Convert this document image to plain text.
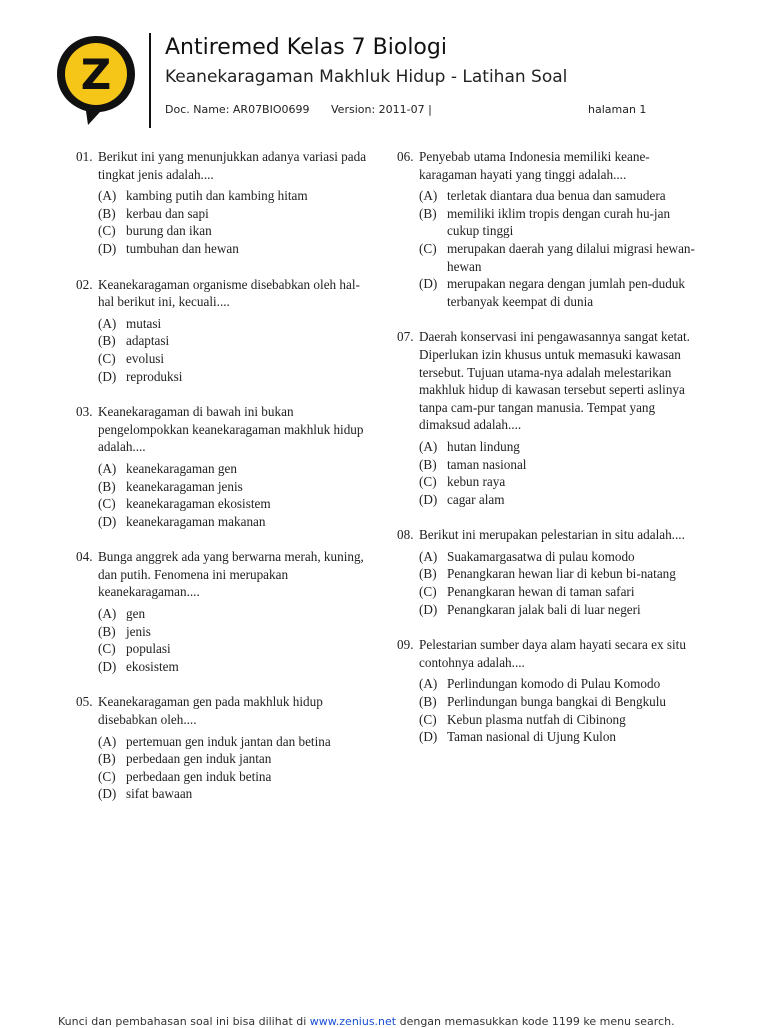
Z
Antiremed Kelas 7 Biologi
Keanekaragaman Makhluk Hidup - Latihan Soal
Doc. Name: AR07BIO0699 Version: 2011-07 |	halaman 1
01. Berikut ini yang menunjukkan adanya variasi pada tingkat jenis adalah....
(A) kambing putih dan kambing hitam
(B) kerbau dan sapi
(C) burung dan ikan
(D) tumbuhan dan hewan
02. Keanekaragaman organisme disebabkan oleh hal-hal berikut ini, kecuali....
(A) mutasi
(B) adaptasi
(C) evolusi
(D) reproduksi
03. Keanekaragaman di bawah ini bukan pengelompokkan keanekaragaman makhluk hidup adalah....
(A) keanekaragaman gen
(B) keanekaragaman jenis
(C) keanekaragaman ekosistem
(D) keanekaragaman makanan
04. Bunga anggrek ada yang berwarna merah, kuning, dan putih. Fenomena ini merupakan keanekaragaman....
(A) gen
(B) jenis
(C) populasi
(D) ekosistem
05. Keanekaragaman gen pada makhluk hidup disebabkan oleh....
(A) pertemuan gen induk jantan dan betina
(B) perbedaan gen induk jantan
(C) perbedaan gen induk betina
(D) sifat bawaan
06. Penyebab utama Indonesia memiliki keane-karagaman hayati yang tinggi adalah....
(A) terletak diantara dua benua dan samudera
(B) memiliki iklim tropis dengan curah hu-jan cukup tinggi
(C) merupakan daerah yang dilalui migrasi hewan-hewan
(D) merupakan negara dengan jumlah pen-duduk terbanyak keempat di dunia
07. Daerah konservasi ini pengawasannya sangat ketat. Diperlukan izin khusus untuk memasuki kawasan tersebut. Tujuan utama-nya adalah melestarikan makhluk hidup di kawasan tersebut seperti aslinya tanpa cam-pur tangan manusia. Tempat yang dimaksud adalah....
(A) hutan lindung
(B) taman nasional
(C) kebun raya
(D) cagar alam
08. Berikut ini merupakan pelestarian in situ adalah....
(A) Suakamargasatwa di pulau komodo
(B) Penangkaran hewan liar di kebun bi-natang
(C) Penangkaran hewan di taman safari
(D) Penangkaran jalak bali di luar negeri
09. Pelestarian sumber daya alam hayati secara ex situ contohnya adalah....
(A) Perlindungan komodo di Pulau Komodo
(B) Perlindungan bunga bangkai di Bengkulu
(C) Kebun plasma nutfah di Cibinong
(D) Taman nasional di Ujung Kulon
Kunci dan pembahasan soal ini bisa dilihat di www.zenius.net dengan memasukkan kode 1199 ke menu search.
